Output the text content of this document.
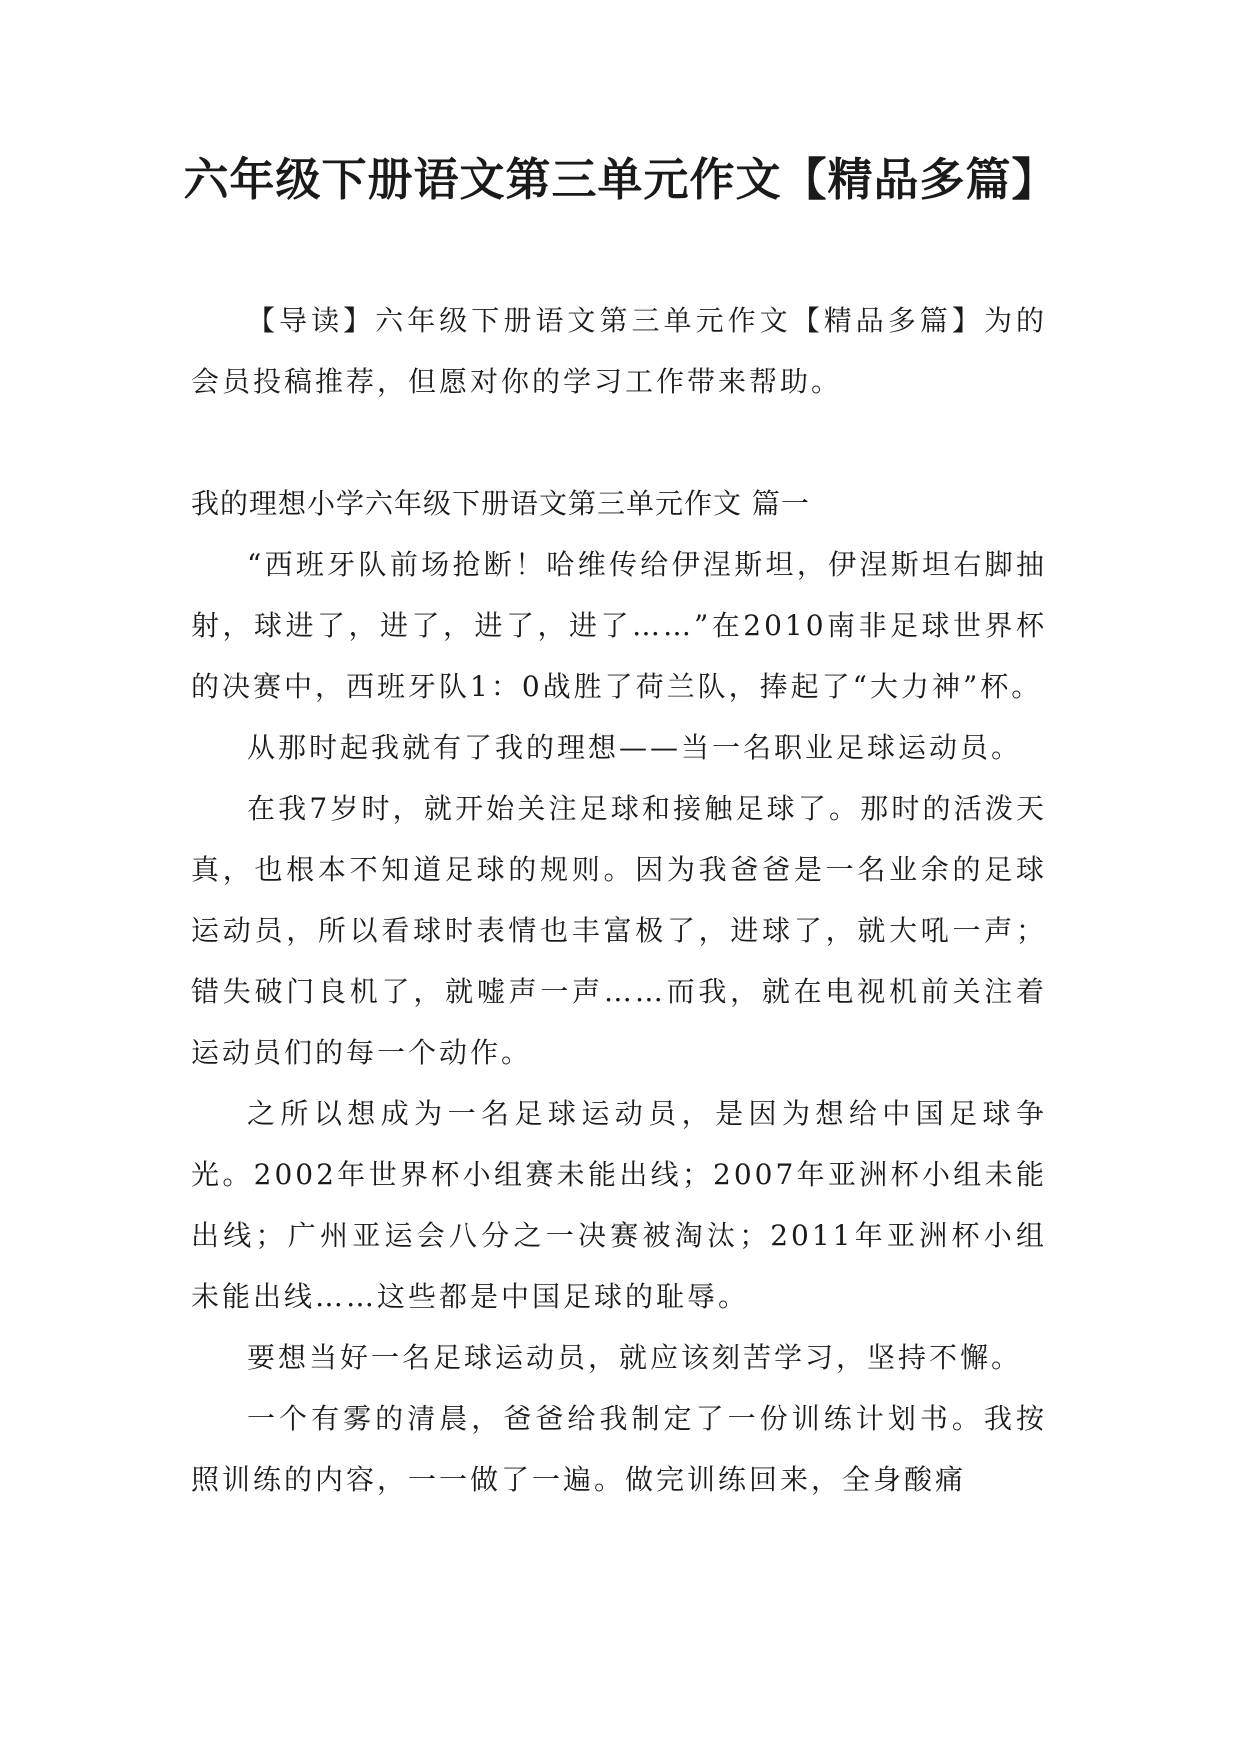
六年级下册语文第三单元作文【精品多篇】

【导读】六年级下册语文第三单元作文【精品多篇】为的会员投稿推荐，但愿对你的学习工作带来帮助。

我的理想小学六年级下册语文第三单元作文 篇一

“西班牙队前场抢断！哈维传给伊涅斯坦，伊涅斯坦右脚抽射，球进了，进了，进了，进了……”在2010南非足球世界杯的决赛中，西班牙队1：0战胜了荷兰队，捧起了“大力神”杯。

从那时起我就有了我的理想——当一名职业足球运动员。

在我7岁时，就开始关注足球和接触足球了。那时的活泼天真，也根本不知道足球的规则。因为我爸爸是一名业余的足球运动员，所以看球时表情也丰富极了，进球了，就大吼一声；错失破门良机了，就嘘声一声……而我，就在电视机前关注着运动员们的每一个动作。

之所以想成为一名足球运动员，是因为想给中国足球争光。2002年世界杯小组赛未能出线；2007年亚洲杯小组未能出线；广州亚运会八分之一决赛被淘汰；2011年亚洲杯小组未能出线……这些都是中国足球的耻辱。

要想当好一名足球运动员，就应该刻苦学习，坚持不懈。

一个有雾的清晨，爸爸给我制定了一份训练计划书。我按照训练的内容，一一做了一遍。做完训练回来，全身酸痛
